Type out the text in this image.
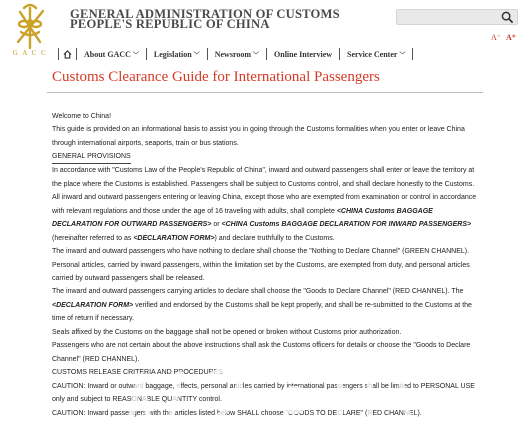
G A C C
GENERAL ADMINISTRATION OF CUSTOMS
PEOPLE'S REPUBLIC OF CHINA
A⁻ A⁺
About GACC ﹀ Legislation ﹀ Newsroom ﹀ Online Interview Service Center ﹀
Customs Clearance Guide for International Passengers

Welcome to China!

This guide is provided on an informational basis to assist you in going through the Customs formalities when you enter or leave China through international airports, seaports, train or bus stations.

GENERAL PROVISIONS

In accordance with "Customs Law of the People's Republic of China", inward and outward passengers shall enter or leave the territory at the place where the Customs is established. Passengers shall be subject to Customs control, and shall declare honestly to the Customs.

All inward and outward passengers entering or leaving China, except those who are exempted from examination or control in accordance with relevant regulations and those under the age of 16 traveling with adults, shall complete <CHINA Customs BAGGAGE DECLARATION FOR OUTWARD PASSENGERS> or <CHINA Customs BAGGAGE DECLARATION FOR INWARD PASSENGERS> (hereinafter referred to as <DECLARATION FORM>) and declare truthfully to the Customs.

The inward and outward passengers who have nothing to declare shall choose the "Nothing to Declare Channel" (GREEN CHANNEL). Personal articles, carried by inward passengers, within the limitation set by the Customs, are exempted from duty, and personal articles carried by outward passengers shall be released.

The inward and outward passengers carrying articles to declare shall choose the "Goods to Declare Channel" (RED CHANNEL). The <DECLARATION FORM> verified and endorsed by the Customs shall be kept properly, and shall be re-submitted to the Customs at the time of return if necessary.

Seals affixed by the Customs on the baggage shall not be opened or broken without Customs prior authorization.

Passengers who are not certain about the above instructions shall ask the Customs officers for details or choose the "Goods to Declare Channel" (RED CHANNEL).

CUSTOMS RELEASE CRITERIA AND PROCEDURES

CAUTION: Inward or outward baggage, effects, personal articles carried by international passengers shall be limited to PERSONAL USE only and subject to REASONABLE QUANTITY control.

CAUTION: Inward passengers with the articles listed below SHALL choose "GOODS TO DECLARE" (RED CHANNEL).
